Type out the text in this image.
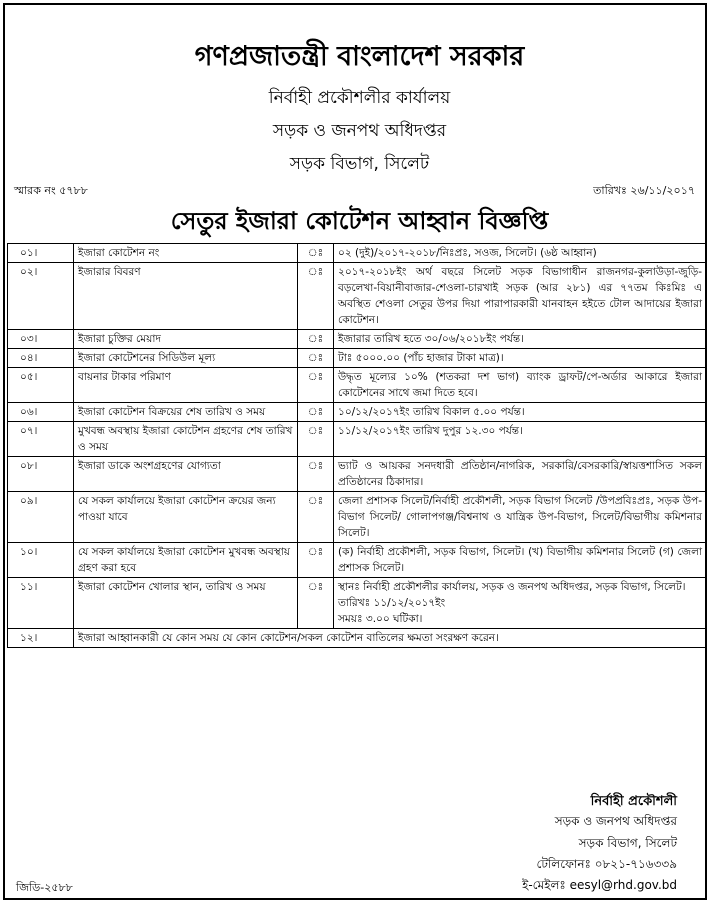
গণপ্রজাতন্ত্রী বাংলাদেশ সরকার
নির্বাহী প্রকৌশলীর কার্যালয়
সড়ক ও জনপথ অধিদপ্তর
সড়ক বিভাগ, সিলেট
স্মারক নং ৫৭৮৮	তারিখঃ ২৬/১১/২০১৭
সেতুর ইজারা কোটেশন আহ্বান বিজ্ঞপ্তি
০১।	ইজারা কোটেশন নং	ঃ	০২ (দুই)/২০১৭-২০১৮/নিঃপ্রঃ, সওজ, সিলেট। (৬ষ্ঠ আহ্বান)
০২।	ইজারার বিবরণ	ঃ	২০১৭-২০১৮ইং অর্থ বছরে সিলেট সড়ক বিভাগাধীন রাজনগর-কুলাউড়া-জুড়ি-বড়লেখা-বিয়ানীবাজার-শেওলা-চারখাই সড়ক (আর ২৮১) এর ৭৭তম কিঃমিঃ এ অবস্থিত শেওলা সেতুর উপর দিয়া পারাপারকারী যানবাহন হইতে টোল আদায়ের ইজারা কোটেশন।
০৩।	ইজারা চুক্তির মেয়াদ	ঃ	ইজারার তারিখ হতে ৩০/০৬/২০১৮ইং পর্যন্ত।
০৪।	ইজারা কোটেশনের সিডিউল মূল্য	ঃ	টাঃ ৫০০০.০০ (পাঁচ হাজার টাকা মাত্র)।
০৫।	বায়নার টাকার পরিমাণ	ঃ	উদ্ধৃত মূল্যের ১০% (শতকরা দশ ভাগ) ব্যাংক ড্রাফট/পে-অর্ডার আকারে ইজারা কোটেশনের সাথে জমা দিতে হবে।
০৬।	ইজারা কোটেশন বিক্রয়ের শেষ তারিখ ও সময়	ঃ	১০/১২/২০১৭ইং তারিখ বিকাল ৫.০০ পর্যন্ত।
০৭।	মুখবন্ধ অবস্থায় ইজারা কোটেশন গ্রহণের শেষ তারিখ ও সময়	ঃ	১১/১২/২০১৭ইং তারিখ দুপুর ১২.৩০ পর্যন্ত।
০৮।	ইজারা ডাকে অংশগ্রহণের যোগ্যতা	ঃ	ভ্যাট ও আয়কর সনদধারী প্রতিষ্ঠান/নাগরিক, সরকারি/বেসরকারি/স্বায়ত্তশাসিত সকল প্রতিষ্ঠানের ঠিকাদার।
০৯।	যে সকল কার্যালয়ে ইজারা কোটেশন ক্রয়ের জন্য পাওয়া যাবে	ঃ	জেলা প্রশাসক সিলেট/নির্বাহী প্রকৌশলী, সড়ক বিভাগ সিলেট /উপপ্রবিঃপ্রঃ, সড়ক উপ-বিভাগ সিলেট/ গোলাপগঞ্জ/বিশ্বনাথ ও যান্ত্রিক উপ-বিভাগ, সিলেট/বিভাগীয় কমিশনার সিলেট।
১০।	যে সকল কার্যালয়ে ইজারা কোটেশন মুখবন্ধ অবস্থায় গ্রহণ করা হবে	ঃ	(ক) নির্বাহী প্রকৌশলী, সড়ক বিভাগ, সিলেট। (খ) বিভাগীয় কমিশনার সিলেট (গ) জেলা প্রশাসক সিলেট।
১১।	ইজারা কোটেশন খোলার স্থান, তারিখ ও সময়	ঃ	স্থানঃ নির্বাহী প্রকৌশলীর কার্যালয়, সড়ক ও জনপথ অধিদপ্তর, সড়ক বিভাগ, সিলেট।
তারিখঃ ১১/১২/২০১৭ইং
সময়ঃ ৩.০০ ঘটিকা।
১২।	ইজারা আহ্বানকারী যে কোন সময় যে কোন কোটেশন/সকল কোটেশন বাতিলের ক্ষমতা সংরক্ষণ করেন।		
নির্বাহী প্রকৌশলী
সড়ক ও জনপথ অধিদপ্তর
সড়ক বিভাগ, সিলেট
টেলিফোনঃ ০৮২১-৭১৬৩৩৯
ই-মেইলঃ eesyl@rhd.gov.bd
জিডি-২৫৮৮
